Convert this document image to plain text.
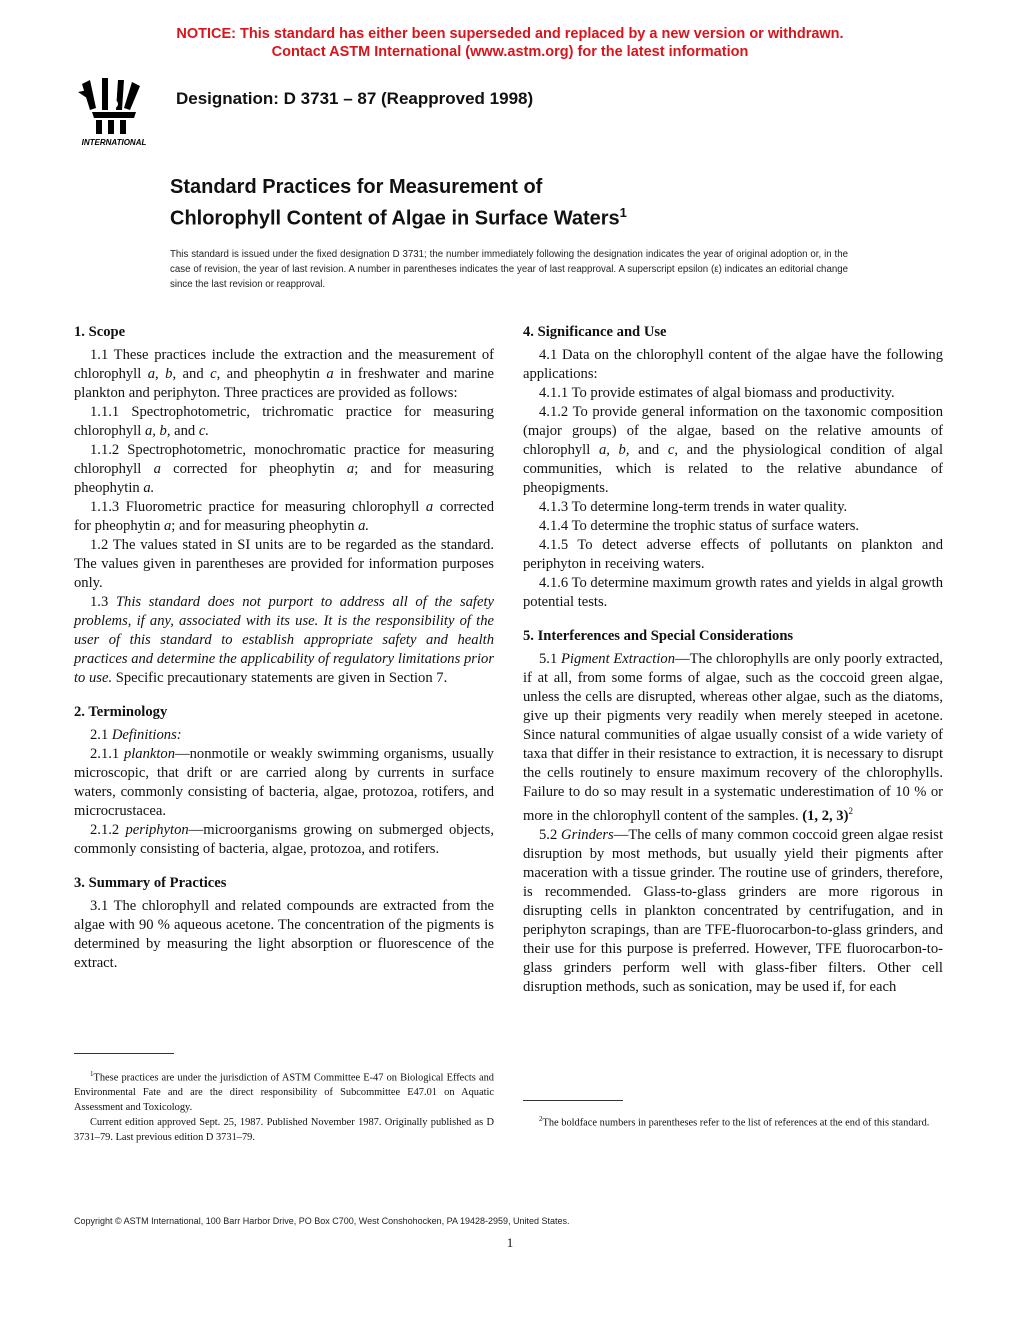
NOTICE: This standard has either been superseded and replaced by a new version or withdrawn.
Contact ASTM International (www.astm.org) for the latest information
INTERNATIONAL
Designation: D 3731 – 87 (Reapproved 1998)
Standard Practices for Measurement of
Chlorophyll Content of Algae in Surface Waters$^1$
This standard is issued under the fixed designation D 3731; the number immediately following the designation indicates the year of original adoption or, in the case of revision, the year of last revision. A number in parentheses indicates the year of last reapproval. A superscript epsilon (ε) indicates an editorial change since the last revision or reapproval.
1. Scope

1.1 These practices include the extraction and the measurement of chlorophyll a, b, and c, and pheophytin a in freshwater and marine plankton and periphyton. Three practices are provided as follows:

1.1.1 Spectrophotometric, trichromatic practice for measuring chlorophyll a, b, and c.

1.1.2 Spectrophotometric, monochromatic practice for measuring chlorophyll a corrected for pheophytin a; and for measuring pheophytin a.

1.1.3 Fluorometric practice for measuring chlorophyll a corrected for pheophytin a; and for measuring pheophytin a.

1.2 The values stated in SI units are to be regarded as the standard. The values given in parentheses are provided for information purposes only.

1.3 This standard does not purport to address all of the safety problems, if any, associated with its use. It is the responsibility of the user of this standard to establish appropriate safety and health practices and determine the applicability of regulatory limitations prior to use. Specific precautionary statements are given in Section 7.

2. Terminology

2.1 Definitions:

2.1.1 plankton—nonmotile or weakly swimming organisms, usually microscopic, that drift or are carried along by currents in surface waters, commonly consisting of bacteria, algae, protozoa, rotifers, and microcrustacea.

2.1.2 periphyton—microorganisms growing on submerged objects, commonly consisting of bacteria, algae, protozoa, and rotifers.

3. Summary of Practices

3.1 The chlorophyll and related compounds are extracted from the algae with 90 % aqueous acetone. The concentration of the pigments is determined by measuring the light absorption or fluorescence of the extract.

$^1$These practices are under the jurisdiction of ASTM Committee E-47 on Biological Effects and Environmental Fate and are the direct responsibility of Subcommittee E47.01 on Aquatic Assessment and Toxicology.

Current edition approved Sept. 25, 1987. Published November 1987. Originally published as D 3731–79. Last previous edition D 3731–79.

4. Significance and Use

4.1 Data on the chlorophyll content of the algae have the following applications:

4.1.1 To provide estimates of algal biomass and productivity.

4.1.2 To provide general information on the taxonomic composition (major groups) of the algae, based on the relative amounts of chlorophyll a, b, and c, and the physiological condition of algal communities, which is related to the relative abundance of pheopigments.

4.1.3 To determine long-term trends in water quality.

4.1.4 To determine the trophic status of surface waters.

4.1.5 To detect adverse effects of pollutants on plankton and periphyton in receiving waters.

4.1.6 To determine maximum growth rates and yields in algal growth potential tests.

5. Interferences and Special Considerations

5.1 Pigment Extraction—The chlorophylls are only poorly extracted, if at all, from some forms of algae, such as the coccoid green algae, unless the cells are disrupted, whereas other algae, such as the diatoms, give up their pigments very readily when merely steeped in acetone. Since natural communities of algae usually consist of a wide variety of taxa that differ in their resistance to extraction, it is necessary to disrupt the cells routinely to ensure maximum recovery of the chlorophylls. Failure to do so may result in a systematic underestimation of 10 % or more in the chlorophyll content of the samples. (1, 2, 3)$^2$

5.2 Grinders—The cells of many common coccoid green algae resist disruption by most methods, but usually yield their pigments after maceration with a tissue grinder. The routine use of grinders, therefore, is recommended. Glass-to-glass grinders are more rigorous in disrupting cells in plankton concentrated by centrifugation, and in periphyton scrapings, than are TFE-fluorocarbon-to-glass grinders, and their use for this purpose is preferred. However, TFE fluorocarbon-to-glass grinders perform well with glass-fiber filters. Other cell disruption methods, such as sonication, may be used if, for each

$^2$The boldface numbers in parentheses refer to the list of references at the end of this standard.

Copyright © ASTM International, 100 Barr Harbor Drive, PO Box C700, West Conshohocken, PA 19428-2959, United States.
1
